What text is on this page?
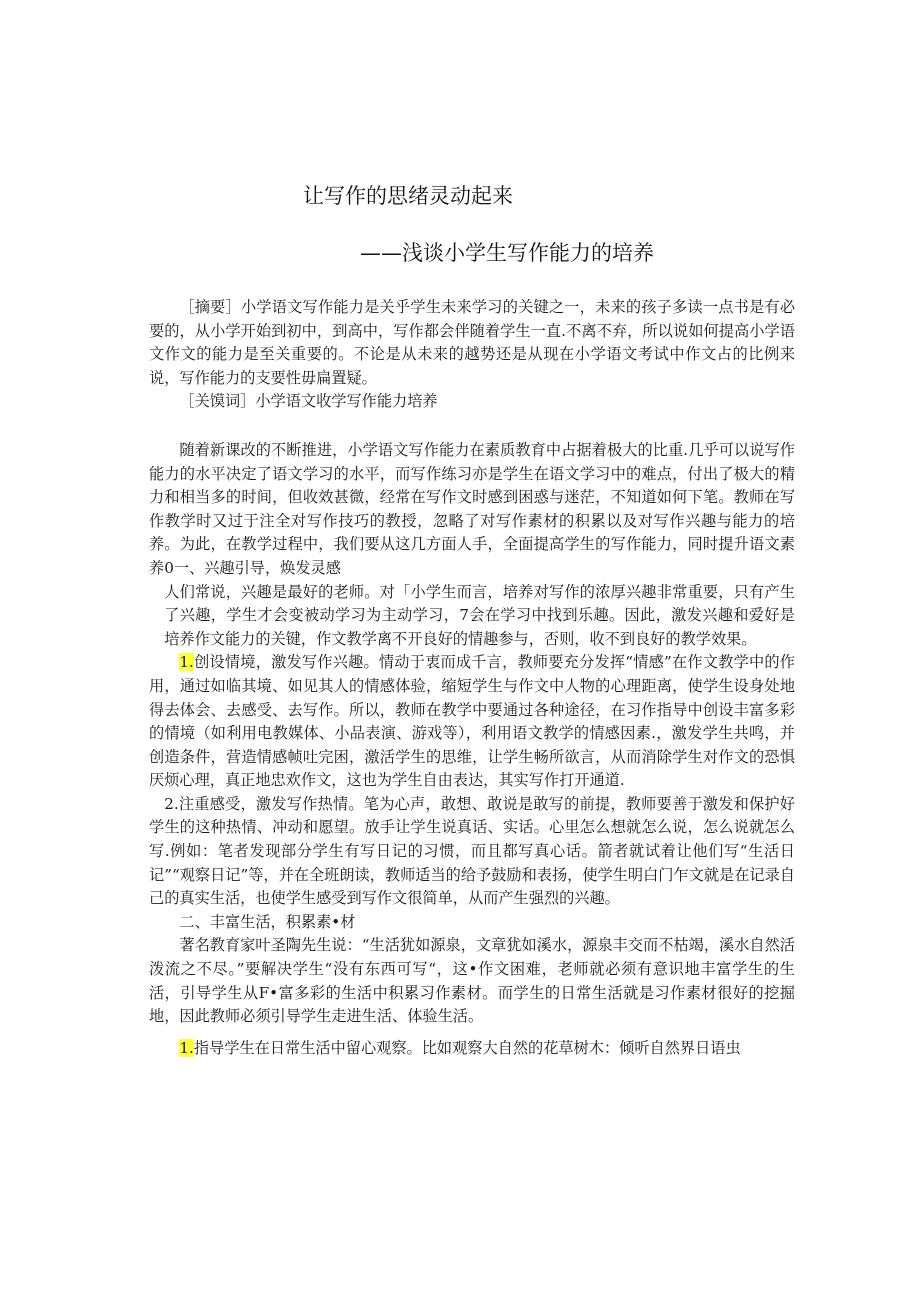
让写作的思绪灵动起来
——浅谈小学生写作能力的培养

［摘要］小学语文写作能力是关乎学生未来学习的关键之一，未来的孩子多读一点书是有必要的，从小学开始到初中，到高中，写作都会伴随着学生一直.不离不弃，所以说如何提高小学语文作文的能力是至关重要的。不论是从未来的越势还是从现在小学语文考试中作文占的比例来说，写作能力的支要性毋扁置疑。

［关馍词］小学语文收学写作能力培养

随着新课改的不断推进，小学语文写作能力在素质教育中占据着极大的比重.几乎可以说写作能力的水平决定了语文学习的水平，而写作练习亦是学生在语文学习中的难点，付出了极大的精力和相当多的时间，但收效甚微，经常在写作文时感到困惑与迷茫，不知道如何下笔。教师在写作教学时又过于注全对写作技巧的教授，忽略了对写作素材的积累以及对写作兴趣与能力的培养。为此，在教学过程中，我们要从这几方面人手，全面提高学生的写作能力，同时提升语文素养0一、兴趣引导，焕发灵感

人们常说，兴趣是最好的老师。对「小学生而言，培养对写作的浓厚兴趣非常重要，只有产生了兴趣，学生才会变被动学习为主动学习，7会在学习中找到乐趣。因此，激发兴趣和爱好是培养作文能力的关键，作文教学离不开良好的情趣参与，否则，收不到良好的教学效果。

1.创设情境，激发写作兴趣。情动于衷而成千言，教师要充分发挥“情感”在作文教学中的作用，通过如临其境、如见其人的情感体验，缩短学生与作文中人物的心理距离，使学生设身处地得去体会、去感受、去写作。所以，教师在教学中要通过各种途径，在习作指导中创设丰富多彩的情境（如利用电教媒体、小品表演、游戏等），利用语文教学的情感因素.，激发学生共鸣，并创造条件，营造情感帧吐完困，激活学生的思维，让学生畅所欲言，从而消除学生对作文的恐惧厌烦心理，真正地忠欢作文，这也为学生自由表达，其实写作打开通道.

2.注重感受，激发写作热情。笔为心声，敢想、敢说是敢写的前提，教师要善于激发和保护好学生的这种热情、冲动和愿望。放手让学生说真话、实话。心里怎么想就怎么说，怎么说就怎么写.例如：笔者发现部分学生有写日记的习惯，而且都写真心话。箭者就试着让他们写“生活日记”“观察日记”等，并在全班朗读，教师适当的给予鼓励和表扬，使学生明白门乍文就是在记录自己的真实生活，也使学生感受到写作文很简单，从而产生强烈的兴趣。

二、丰富生活，积累素•材

著名教育家叶圣陶先生说：“生活犹如源泉，文章犹如溪水，源泉丰交而不枯竭，溪水自然活泼流之不尽。”要解决学生“没有东西可写“，这•作文困难，老师就必须有意识地丰富学生的生活，引导学生从F•富多彩的生活中积累习作素材。而学生的日常生活就是习作素材很好的挖掘地，因此教师必须引导学生走进生活、体验生活。

1.指导学生在日常生活中留心观察。比如观察大自然的花草树木：倾听自然界日语虫
